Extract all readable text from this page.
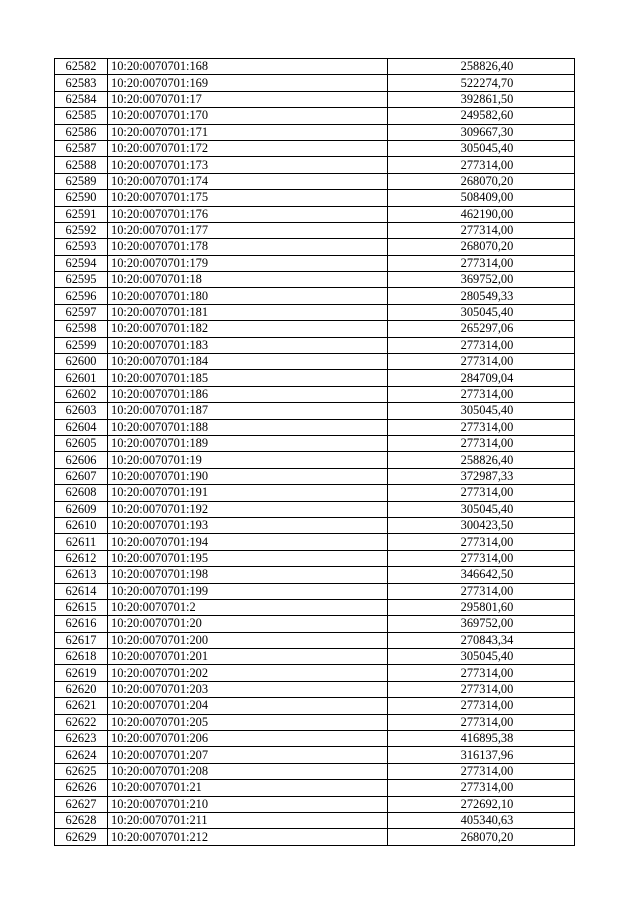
62582	10:20:0070701:168	258826,40
62583	10:20:0070701:169	522274,70
62584	10:20:0070701:17	392861,50
62585	10:20:0070701:170	249582,60
62586	10:20:0070701:171	309667,30
62587	10:20:0070701:172	305045,40
62588	10:20:0070701:173	277314,00
62589	10:20:0070701:174	268070,20
62590	10:20:0070701:175	508409,00
62591	10:20:0070701:176	462190,00
62592	10:20:0070701:177	277314,00
62593	10:20:0070701:178	268070,20
62594	10:20:0070701:179	277314,00
62595	10:20:0070701:18	369752,00
62596	10:20:0070701:180	280549,33
62597	10:20:0070701:181	305045,40
62598	10:20:0070701:182	265297,06
62599	10:20:0070701:183	277314,00
62600	10:20:0070701:184	277314,00
62601	10:20:0070701:185	284709,04
62602	10:20:0070701:186	277314,00
62603	10:20:0070701:187	305045,40
62604	10:20:0070701:188	277314,00
62605	10:20:0070701:189	277314,00
62606	10:20:0070701:19	258826,40
62607	10:20:0070701:190	372987,33
62608	10:20:0070701:191	277314,00
62609	10:20:0070701:192	305045,40
62610	10:20:0070701:193	300423,50
62611	10:20:0070701:194	277314,00
62612	10:20:0070701:195	277314,00
62613	10:20:0070701:198	346642,50
62614	10:20:0070701:199	277314,00
62615	10:20:0070701:2	295801,60
62616	10:20:0070701:20	369752,00
62617	10:20:0070701:200	270843,34
62618	10:20:0070701:201	305045,40
62619	10:20:0070701:202	277314,00
62620	10:20:0070701:203	277314,00
62621	10:20:0070701:204	277314,00
62622	10:20:0070701:205	277314,00
62623	10:20:0070701:206	416895,38
62624	10:20:0070701:207	316137,96
62625	10:20:0070701:208	277314,00
62626	10:20:0070701:21	277314,00
62627	10:20:0070701:210	272692,10
62628	10:20:0070701:211	405340,63
62629	10:20:0070701:212	268070,20
